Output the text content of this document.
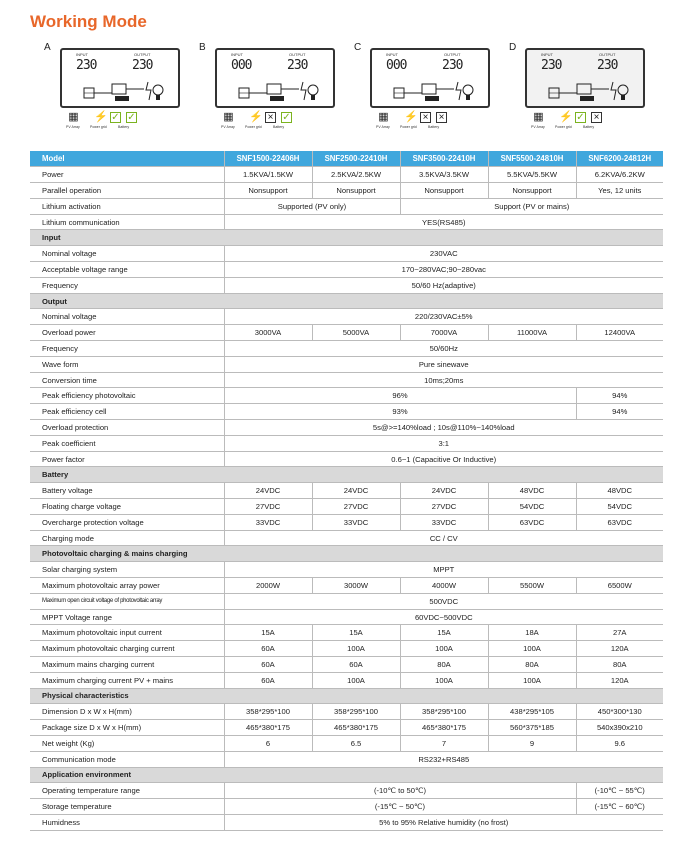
Working Mode
A
INPUT	OUTPUT
230	230
▦ ⚡ ✓ ✓
PV Array	Power grid	Battery
B
INPUT	OUTPUT
000	230
▦ ⚡ × ✓
PV Array	Power grid	Battery
C
INPUT	OUTPUT
000	230
▦ ⚡ × ×
PV Array	Power grid	Battery
D
INPUT	OUTPUT
230	230
▦ ⚡ ✓ ×
PV Array	Power grid	Battery
Model	SNF1500-22406H	SNF2500-22410H	SNF3500-22410H	SNF5500-24810H	SNF6200-24812H
Power	1.5KVA/1.5KW	2.5KVA/2.5KW	3.5KVA/3.5KW	5.5KVA/5.5KW	6.2KVA/6.2KW
Parallel operation	Nonsupport	Nonsupport	Nonsupport	Nonsupport	Yes, 12 units
Lithium activation	Supported (PV only)		Support (PV or mains)		
Lithium communication	YES(RS485)				
Input					
Nominal voltage	230VAC				
Acceptable voltage range	170~280VAC;90~280vac				
Frequency	50/60 Hz(adaptive)				
Output					
Nominal voltage	220/230VAC±5%				
Overload power	3000VA	5000VA	7000VA	11000VA	12400VA
Frequency	50/60Hz				
Wave form	Pure sinewave				
Conversion time	10ms;20ms				
Peak efficiency photovoltaic	96%				94%
Peak efficiency cell	93%				94%
Overload protection	5s@>=140%load ; 10s@110%~140%load				
Peak coefficient	3:1				
Power factor	0.6~1 (Capacitive Or Inductive)				
Battery					
Battery voltage	24VDC	24VDC	24VDC	48VDC	48VDC
Floating charge voltage	27VDC	27VDC	27VDC	54VDC	54VDC
Overcharge protection voltage	33VDC	33VDC	33VDC	63VDC	63VDC
Charging mode	CC / CV				
Photovoltaic charging & mains charging					
Solar charging system	MPPT				
Maximum photovoltaic array power	2000W	3000W	4000W	5500W	6500W
Maximum open circuit voltage of photovoltaic array	500VDC				
MPPT Voltage range	60VDC~500VDC				
Maximum photovoltaic input current	15A	15A	15A	18A	27A
Maximum photovoltaic charging current	60A	100A	100A	100A	120A
Maximum mains charging current	60A	60A	80A	80A	80A
Maximum charging current PV + mains	60A	100A	100A	100A	120A
Physical characteristics					
Dimension D x W x H(mm)	358*295*100	358*295*100	358*295*100	438*295*105	450*300*130
Package size D x W x H(mm)	465*380*175	465*380*175	465*380*175	560*375*185	540x390x210
Net weight (Kg)	6	6.5	7	9	9.6
Communication mode	RS232+RS485				
Application environment					
Operating temperature range	(-10℃ to 50℃)				(-10℃ ~ 55℃)
Storage temperature	(-15℃ ~ 50℃)				(-15℃ ~ 60℃)
Humidness	5% to 95% Relative humidity (no frost)				
